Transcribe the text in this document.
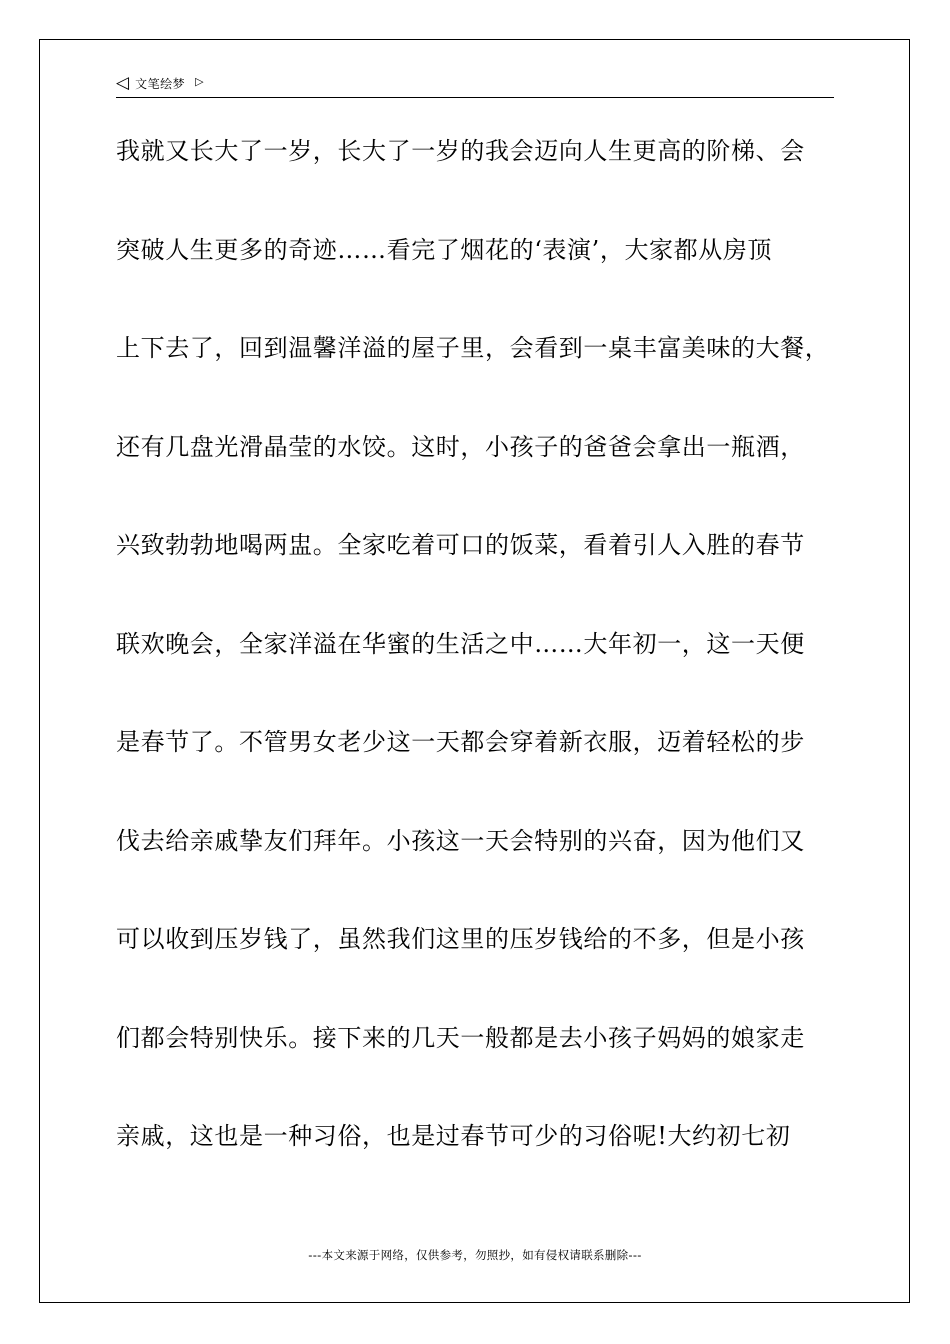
◁ 文笔绘梦 ▷
我就又长大了一岁，长大了一岁的我会迈向人生更高的阶梯、会
突破人生更多的奇迹……看完了烟花的‘表演’，大家都从房顶
上下去了，回到温馨洋溢的屋子里，会看到一桌丰富美味的大餐，
还有几盘光滑晶莹的水饺。这时，小孩子的爸爸会拿出一瓶酒，
兴致勃勃地喝两盅。全家吃着可口的饭菜，看着引人入胜的春节
联欢晚会，全家洋溢在华蜜的生活之中……大年初一，这一天便
是春节了。不管男女老少这一天都会穿着新衣服，迈着轻松的步
伐去给亲戚挚友们拜年。小孩这一天会特别的兴奋，因为他们又
可以收到压岁钱了，虽然我们这里的压岁钱给的不多，但是小孩
们都会特别快乐。接下来的几天一般都是去小孩子妈妈的娘家走
亲戚，这也是一种习俗，也是过春节可少的习俗呢!大约初七初
---本文来源于网络，仅供参考，勿照抄，如有侵权请联系删除---
